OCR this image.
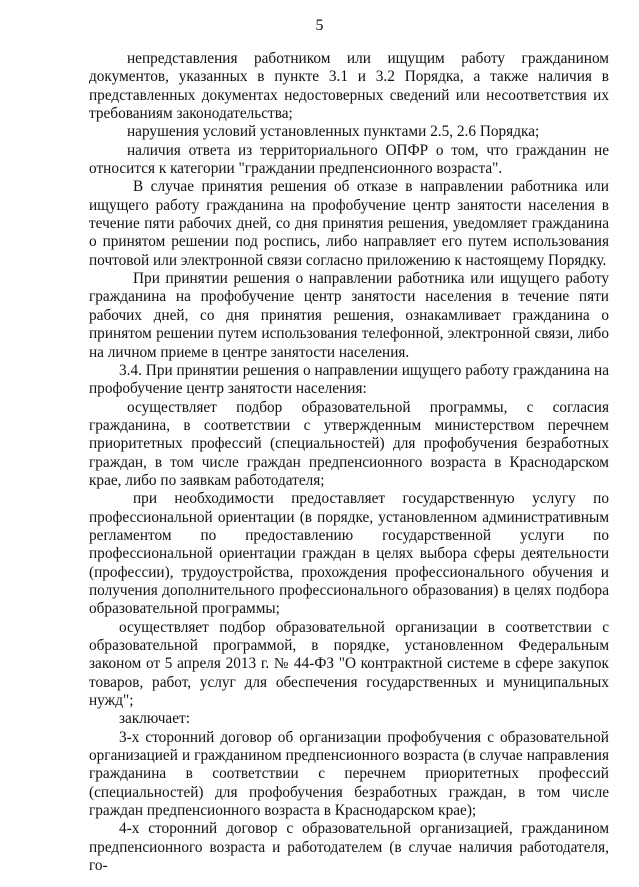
5

непредставления работником или ищущим работу гражданином документов, указанных в пункте 3.1 и 3.2 Порядка, а также наличия в представленных документах недостоверных сведений или несоответствия их требованиям законодательства;

нарушения условий установленных пунктами 2.5, 2.6 Порядка;

наличия ответа из территориального ОПФР о том, что гражданин не относится к категории "граждании предпенсионного возраста".

В случае принятия решения об отказе в направлении работника или ищущего работу гражданина на профобучение центр занятости населения в течение пяти рабочих дней, со дня принятия решения, уведомляет гражданина о принятом решении под роспись, либо направляет его путем использования почтовой или электронной связи согласно приложению к настоящему Порядку.

При принятии решения о направлении работника или ищущего работу гражданина на профобучение центр занятости населения в течение пяти рабочих дней, со дня принятия решения, ознакамливает гражданина о принятом решении путем использования телефонной, электронной связи, либо на личном приеме в центре занятости населения.

3.4. При принятии решения о направлении ищущего работу гражданина на профобучение центр занятости населения:

осуществляет подбор образовательной программы, с согласия гражданина, в соответствии с утвержденным министерством перечнем приоритетных профессий (специальностей) для профобучения безработных граждан, в том числе граждан предпенсионного возраста в Краснодарском крае, либо по заявкам работодателя;

при необходимости предоставляет государственную услугу по профессиональной ориентации (в порядке, установленном административным регламентом по предоставлению государственной услуги по профессиональной ориентации граждан в целях выбора сферы деятельности (профессии), трудоустройства, прохождения профессионального обучения и получения дополнительного профессионального образования) в целях подбора образовательной программы;

осуществляет подбор образовательной организации в соответствии с образовательной программой, в порядке, установленном Федеральным законом от 5 апреля 2013 г. № 44-ФЗ "О контрактной системе в сфере закупок товаров, работ, услуг для обеспечения государственных и муниципальных нужд";

заключает:

3-х сторонний договор об организации профобучения с образовательной организацией и гражданином предпенсионного возраста (в случае направления гражданина в соответствии с перечнем приоритетных профессий (специальностей) для профобучения безработных граждан, в том числе граждан предпенсионного возраста в Краснодарском крае);

4-х сторонний договор с образовательной организацией, гражданином предпенсионного возраста и работодателем (в случае наличия работодателя, го-
